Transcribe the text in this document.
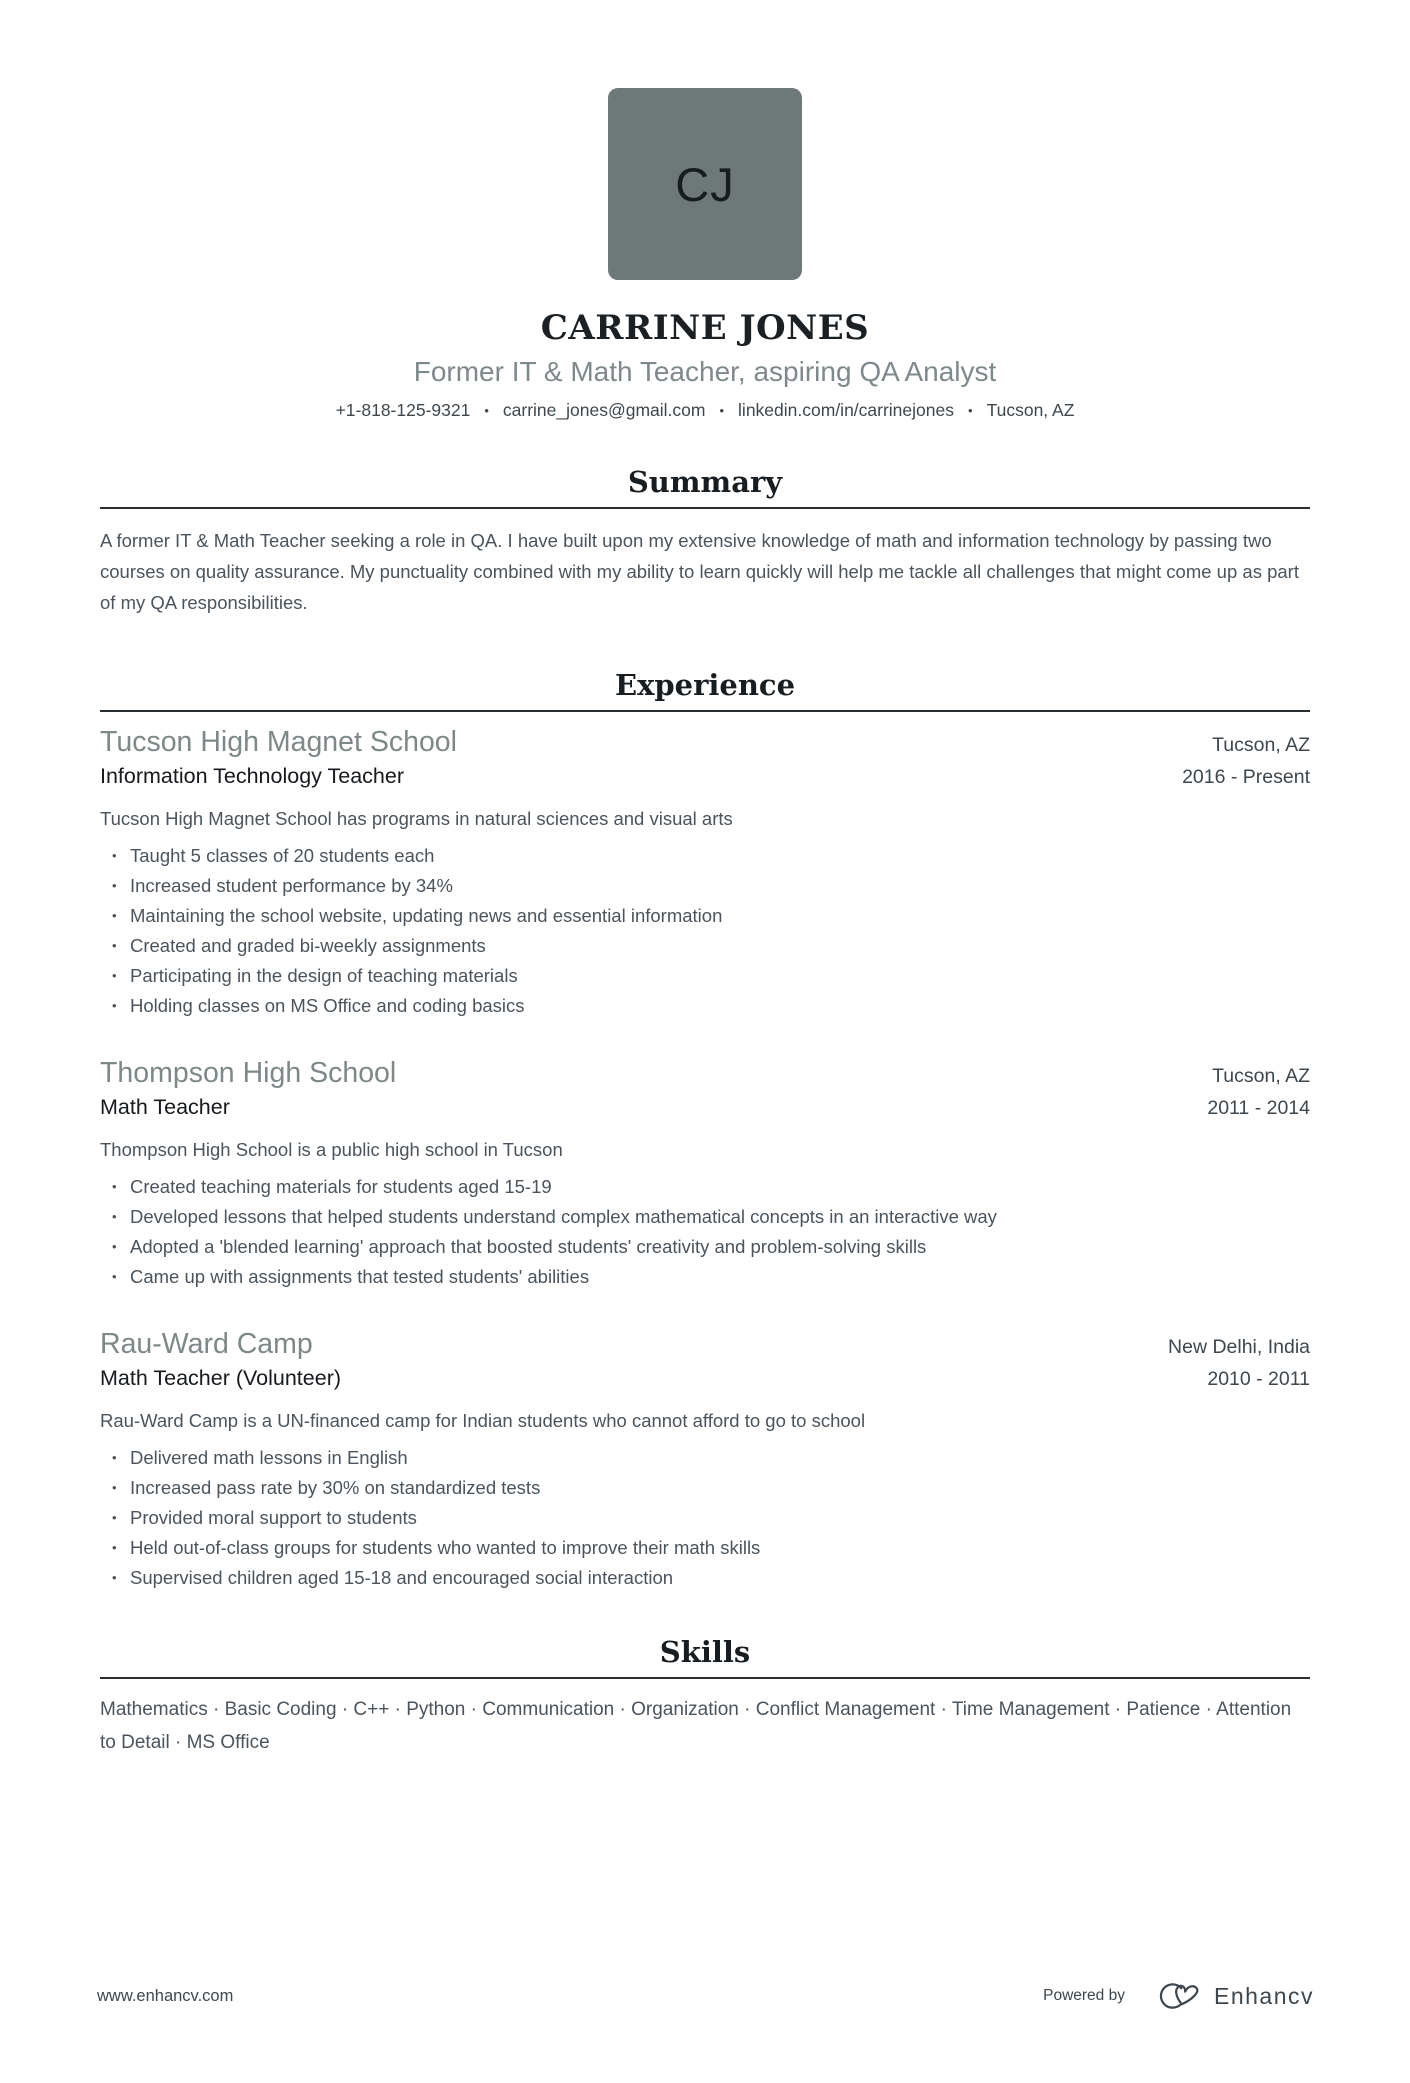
CJ
CARRINE JONES
Former IT & Math Teacher, aspiring QA Analyst
+1-818-125-9321 • carrine_jones@gmail.com • linkedin.com/in/carrinejones • Tucson, AZ
Summary
A former IT & Math Teacher seeking a role in QA. I have built upon my extensive knowledge of math and information technology by passing two courses on quality assurance. My punctuality combined with my ability to learn quickly will help me tackle all challenges that might come up as part of my QA responsibilities.
Experience
Tucson High Magnet School	Tucson, AZ
Information Technology Teacher	2016 - Present
Tucson High Magnet School has programs in natural sciences and visual arts
• Taught 5 classes of 20 students each
• Increased student performance by 34%
• Maintaining the school website, updating news and essential information
• Created and graded bi-weekly assignments
• Participating in the design of teaching materials
• Holding classes on MS Office and coding basics
Thompson High School	Tucson, AZ
Math Teacher	2011 - 2014
Thompson High School is a public high school in Tucson
• Created teaching materials for students aged 15-19
• Developed lessons that helped students understand complex mathematical concepts in an interactive way
• Adopted a 'blended learning' approach that boosted students' creativity and problem-solving skills
• Came up with assignments that tested students' abilities
Rau-Ward Camp	New Delhi, India
Math Teacher (Volunteer)	2010 - 2011
Rau-Ward Camp is a UN-financed camp for Indian students who cannot afford to go to school
• Delivered math lessons in English
• Increased pass rate by 30% on standardized tests
• Provided moral support to students
• Held out-of-class groups for students who wanted to improve their math skills
• Supervised children aged 15-18 and encouraged social interaction
Skills
Mathematics · Basic Coding · C++ · Python · Communication · Organization · Conflict Management · Time Management · Patience · Attention to Detail · MS Office
www.enhancv.com	Powered by	Enhancv
